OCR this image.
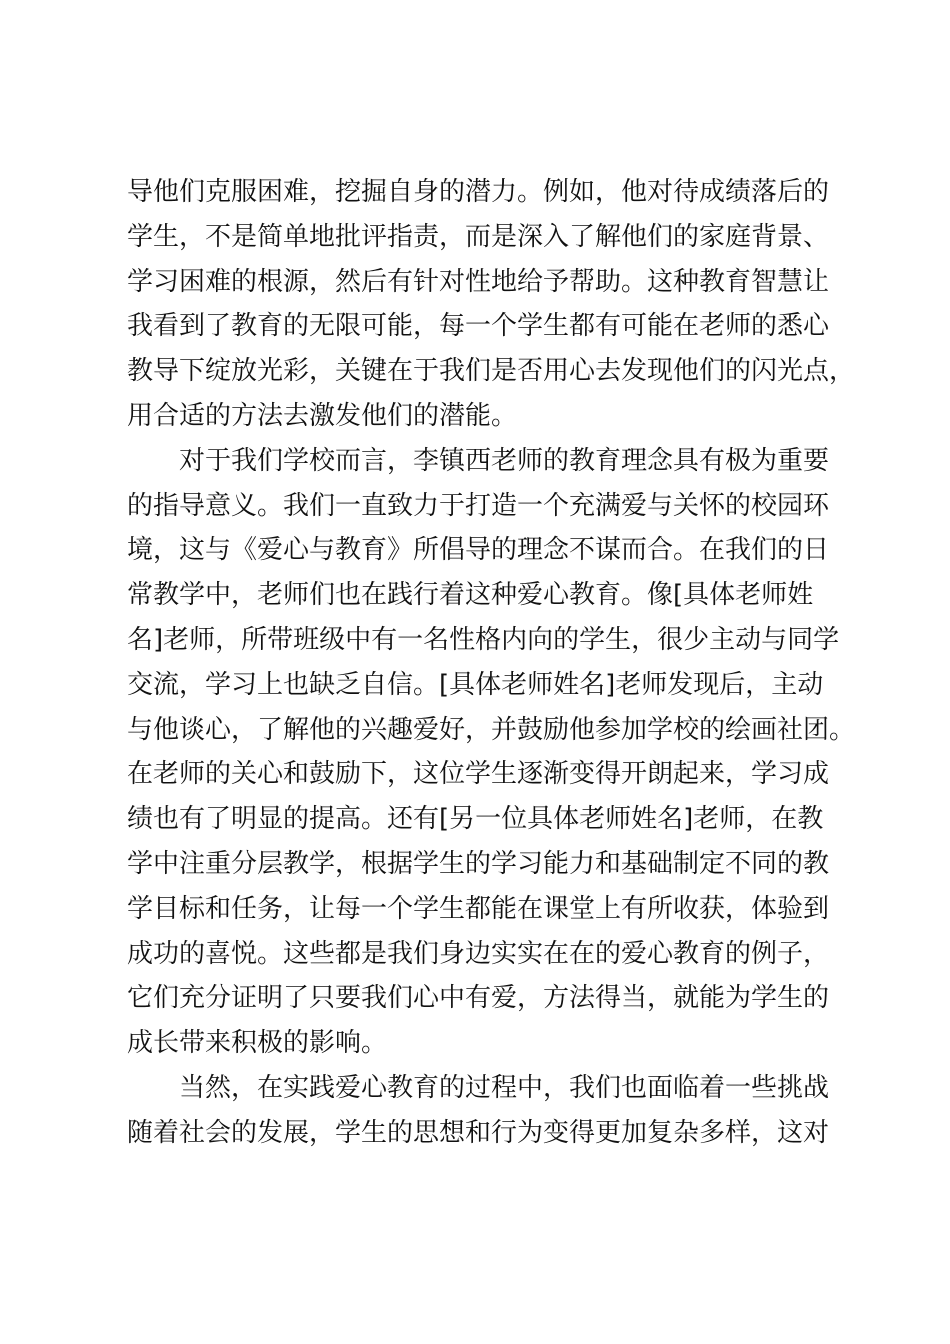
导他们克服困难，挖掘自身的潜力。例如，他对待成绩落后的
学生，不是简单地批评指责，而是深入了解他们的家庭背景、
学习困难的根源，然后有针对性地给予帮助。这种教育智慧让
我看到了教育的无限可能，每一个学生都有可能在老师的悉心
教导下绽放光彩，关键在于我们是否用心去发现他们的闪光点，
用合适的方法去激发他们的潜能。
对于我们学校而言，李镇西老师的教育理念具有极为重要
的指导意义。我们一直致力于打造一个充满爱与关怀的校园环
境，这与《爱心与教育》所倡导的理念不谋而合。在我们的日
常教学中，老师们也在践行着这种爱心教育。像[具体老师姓
名]老师，所带班级中有一名性格内向的学生，很少主动与同学
交流，学习上也缺乏自信。[具体老师姓名]老师发现后，主动
与他谈心，了解他的兴趣爱好，并鼓励他参加学校的绘画社团。
在老师的关心和鼓励下，这位学生逐渐变得开朗起来，学习成
绩也有了明显的提高。还有[另一位具体老师姓名]老师，在教
学中注重分层教学，根据学生的学习能力和基础制定不同的教
学目标和任务，让每一个学生都能在课堂上有所收获，体验到
成功的喜悦。这些都是我们身边实实在在的爱心教育的例子，
它们充分证明了只要我们心中有爱，方法得当，就能为学生的
成长带来积极的影响。
当然，在实践爱心教育的过程中，我们也面临着一些挑战
随着社会的发展，学生的思想和行为变得更加复杂多样，这对
